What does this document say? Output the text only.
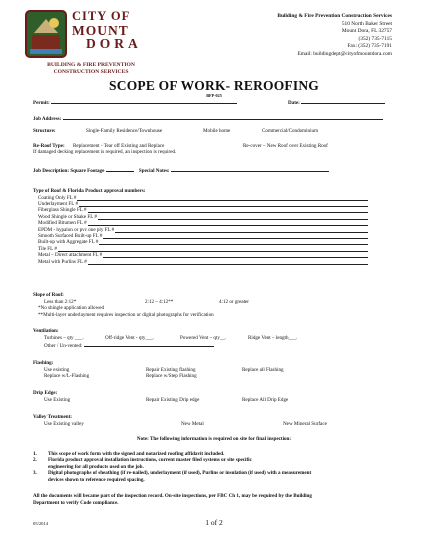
CITY OF
MOUNT
DORA
BUILDING & FIRE PREVENTION
CONSTRUCTION SERVICES
Building & Fire Prevention Construction Services
510 North Baker Street
Mount Dora, FL 32757
(352) 735-7115
Fax: (352) 735-7191
Email: buildingdept@cityofmountdora.com
SCOPE OF WORK- REROOFING
BFP-025
Permit:	Date:
Job Address:
Structure:	Single-Family Residence/Townhouse	Mobile home	Commercial/Condominium
Re-Roof Type: Replacement - Tear off Existing and Replace	Re-cover – New Roof over Existing Roof
If damaged decking replacement is required, an inspection is required.
Job Description: Square Footage	Special Notes:
Type of Roof & Florida Product approval numbers:
Coating Only FL #
Underlayment FL #
Fiberglass Shingle FL #
Wood Shingle or Shake FL #
Modified Bitumen FL #
EPDM - hypalon or pvc one ply FL #
Smooth Surfaced Built-up FL #
Built-up with Aggregate FL #
Tile FL #
Metal – Direct attachment FL #
Metal with Purlins FL #
Slope of Roof:
Less than 2:12*	2:12 – 4:12**	4:12 or greater
*No shingle application allowed
**Multi-layer underlayment requires inspection or digital photographs for verification
Ventilation:
Turbines – qty ___.	Off-ridge Vent - qty___.	Powered Vent – qty__.	Ridge Vent – length___.
Other / Un-vented:
Flashing:
Use existing	Repair Existing flashing	Replace all Flashing
Replace w/L-Flashing	Replace w/Step Flashing
Drip Edge:
Use Existing	Repair Existing Drip edge	Replace All Drip Edge
Valley Treatment:
Use Existing valley	New Metal	New Mineral Surface
Note: The following information is required on site for final inspection:
1. This scope of work form with the signed and notarized roofing affidavit included.
2. Florida product approval installation instructions, current master filed systems or site specific
engineering for all products used on the job.
3. Digital photographs of sheathing (if re-nailed), underlayment (if used), Purlins or insulation (if used) with a measurement
devices shown to reference required spacing.
All the documents will became part of the inspection record. On-site inspections, per FBC Ch 1, may be required by the Building
Department to verify Code compliance.
05/2014	1 of 2
